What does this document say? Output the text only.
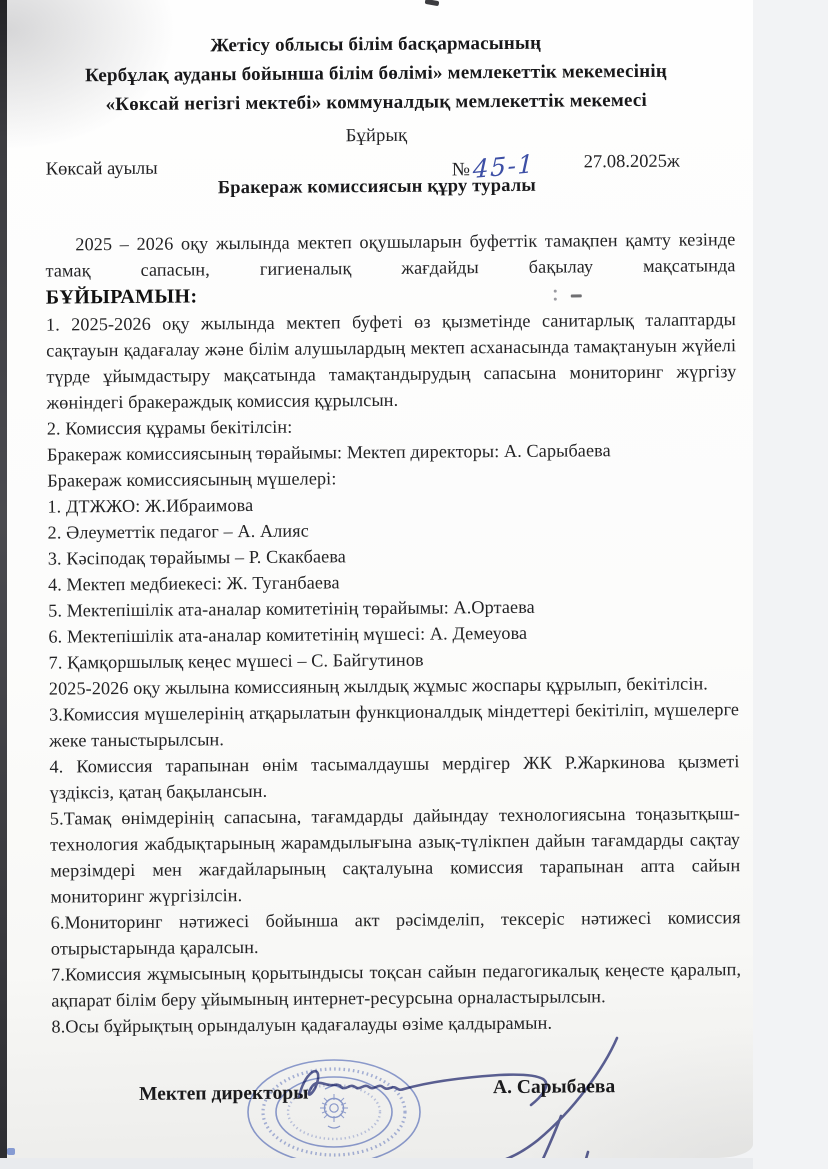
Жетісу облысы білім басқармасының
Кербұлақ ауданы бойынша білім бөлімі» мемлекеттік мекемесінің
«Көксай негізгі мектебі» коммуналдық мемлекеттік мекемесі
Бұйрық
Көксай ауылы	№ 45-1	27.08.2025ж
Бракераж комиссиясын құру туралы

2025 – 2026 оқу жылында мектеп оқушыларын буфеттік тамақпен қамту кезінде тамақ сапасын, гигиеналық жағдайды бақылау мақсатында

БҰЙЫРАМЫН:

1. 2025-2026 оқу жылында мектеп буфеті өз қызметінде санитарлық талаптарды сақтауын қадағалау және білім алушылардың мектеп асханасында тамақтануын жүйелі түрде ұйымдастыру мақсатында тамақтандырудың сапасына мониторинг жүргізу жөніндегі бракераждық комиссия құрылсын.

2. Комиссия құрамы бекітілсін:

Бракераж комиссиясының төрайымы: Мектеп директоры: А. Сарыбаева

Бракераж комиссиясының мүшелері:

1. ДТЖЖО: Ж.Ибраимова

2. Әлеуметтік педагог – А. Алияс

3. Кәсіподақ төрайымы – Р. Скакбаева

4. Мектеп медбиекесі: Ж. Туганбаева

5. Мектепішілік ата-аналар комитетінің төрайымы: А.Ортаева

6. Мектепішілік ата-аналар комитетінің мүшесі: А. Демеуова

7. Қамқоршылық кеңес мүшесі – С. Байгутинов

2025-2026 оқу жылына комиссияның жылдық жұмыс жоспары құрылып, бекітілсін.

3.Комиссия мүшелерінің атқарылатын функционалдық міндеттері бекітіліп, мүшелерге жеке таныстырылсын.

4. Комиссия тарапынан өнім тасымалдаушы мердігер ЖК Р.Жаркинова қызметі үздіксіз, қатаң бақылансын.

5.Тамақ өнімдерінің сапасына, тағамдарды дайындау технологиясына тоңазытқыш-технология жабдықтарының жарамдылығына азық-түлікпен дайын тағамдарды сақтау мерзімдері мен жағдайларының сақталуына комиссия тарапынан апта сайын мониторинг жүргізілсін.

6.Мониторинг нәтижесі бойынша акт рәсімделіп, тексеріс нәтижесі комиссия отырыстарында қаралсын.

7.Комиссия жұмысының қорытындысы тоқсан сайын педагогикалық кеңесте қаралып, ақпарат білім беру ұйымының интернет-ресурсына орналастырылсын.

8.Осы бұйрықтың орындалуын қадағалауды өзіме қалдырамын.

Мектеп директоры	А. Сарыбаева
